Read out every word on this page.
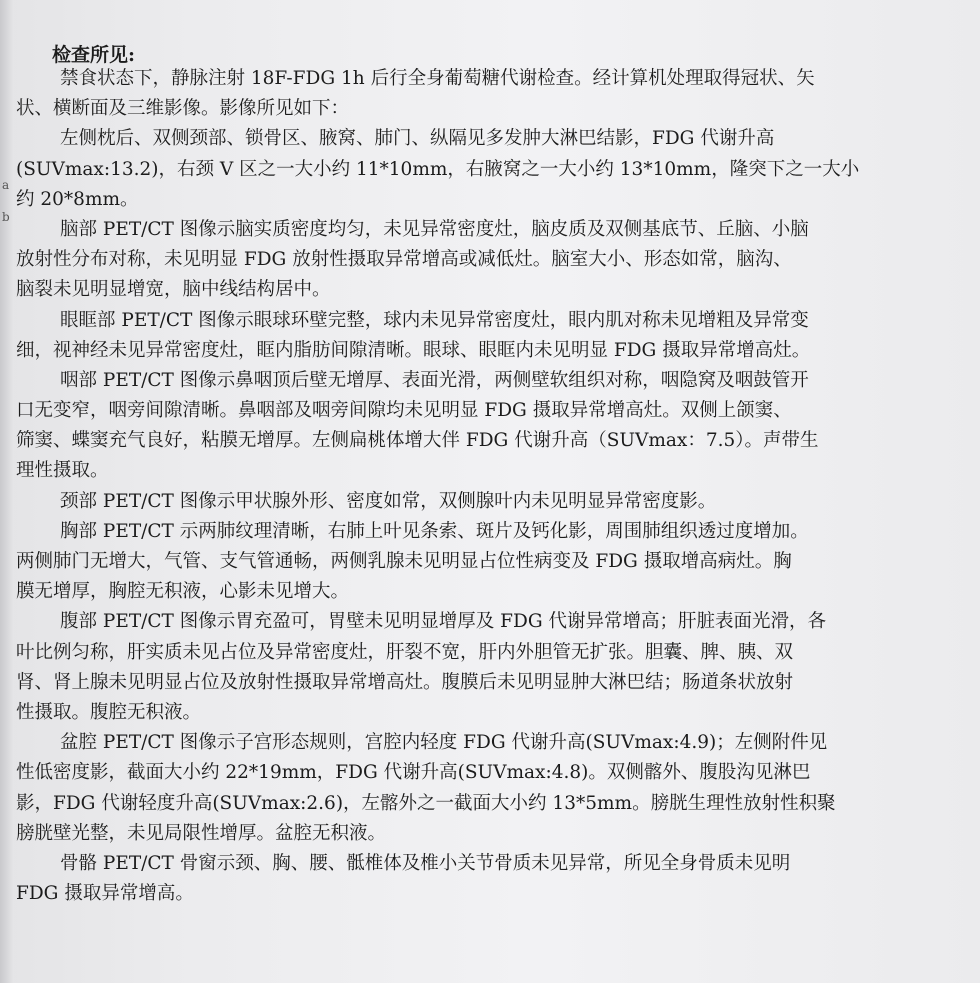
a
b
检查所见:
禁食状态下，静脉注射 18F-FDG 1h 后行全身葡萄糖代谢检查。经计算机处理取得冠状、矢
状、横断面及三维影像。影像所见如下：
左侧枕后、双侧颈部、锁骨区、腋窝、肺门、纵隔见多发肿大淋巴结影，FDG 代谢升高
(SUVmax:13.2)，右颈 V 区之一大小约 11*10mm，右腋窝之一大小约 13*10mm，隆突下之一大小
约 20*8mm。
脑部 PET/CT 图像示脑实质密度均匀，未见异常密度灶，脑皮质及双侧基底节、丘脑、小脑
放射性分布对称，未见明显 FDG 放射性摄取异常增高或减低灶。脑室大小、形态如常，脑沟、
脑裂未见明显增宽，脑中线结构居中。
眼眶部 PET/CT 图像示眼球环壁完整，球内未见异常密度灶，眼内肌对称未见增粗及异常变
细，视神经未见异常密度灶，眶内脂肪间隙清晰。眼球、眼眶内未见明显 FDG 摄取异常增高灶。
咽部 PET/CT 图像示鼻咽顶后壁无增厚、表面光滑，两侧壁软组织对称，咽隐窝及咽鼓管开
口无变窄，咽旁间隙清晰。鼻咽部及咽旁间隙均未见明显 FDG 摄取异常增高灶。双侧上颌窦、
筛窦、蝶窦充气良好，粘膜无增厚。左侧扁桃体增大伴 FDG 代谢升高（SUVmax：7.5）。声带生
理性摄取。
颈部 PET/CT 图像示甲状腺外形、密度如常，双侧腺叶内未见明显异常密度影。
胸部 PET/CT 示两肺纹理清晰，右肺上叶见条索、斑片及钙化影，周围肺组织透过度增加。
两侧肺门无增大，气管、支气管通畅，两侧乳腺未见明显占位性病变及 FDG 摄取增高病灶。胸
膜无增厚，胸腔无积液，心影未见增大。
腹部 PET/CT 图像示胃充盈可，胃壁未见明显增厚及 FDG 代谢异常增高；肝脏表面光滑，各
叶比例匀称，肝实质未见占位及异常密度灶，肝裂不宽，肝内外胆管无扩张。胆囊、脾、胰、双
肾、肾上腺未见明显占位及放射性摄取异常增高灶。腹膜后未见明显肿大淋巴结；肠道条状放射
性摄取。腹腔无积液。
盆腔 PET/CT 图像示子宫形态规则，宫腔内轻度 FDG 代谢升高(SUVmax:4.9)；左侧附件见
性低密度影，截面大小约 22*19mm，FDG 代谢升高(SUVmax:4.8)。双侧髂外、腹股沟见淋巴
影，FDG 代谢轻度升高(SUVmax:2.6)，左髂外之一截面大小约 13*5mm。膀胱生理性放射性积聚
膀胱壁光整，未见局限性增厚。盆腔无积液。
骨骼 PET/CT 骨窗示颈、胸、腰、骶椎体及椎小关节骨质未见异常，所见全身骨质未见明
FDG 摄取异常增高。
